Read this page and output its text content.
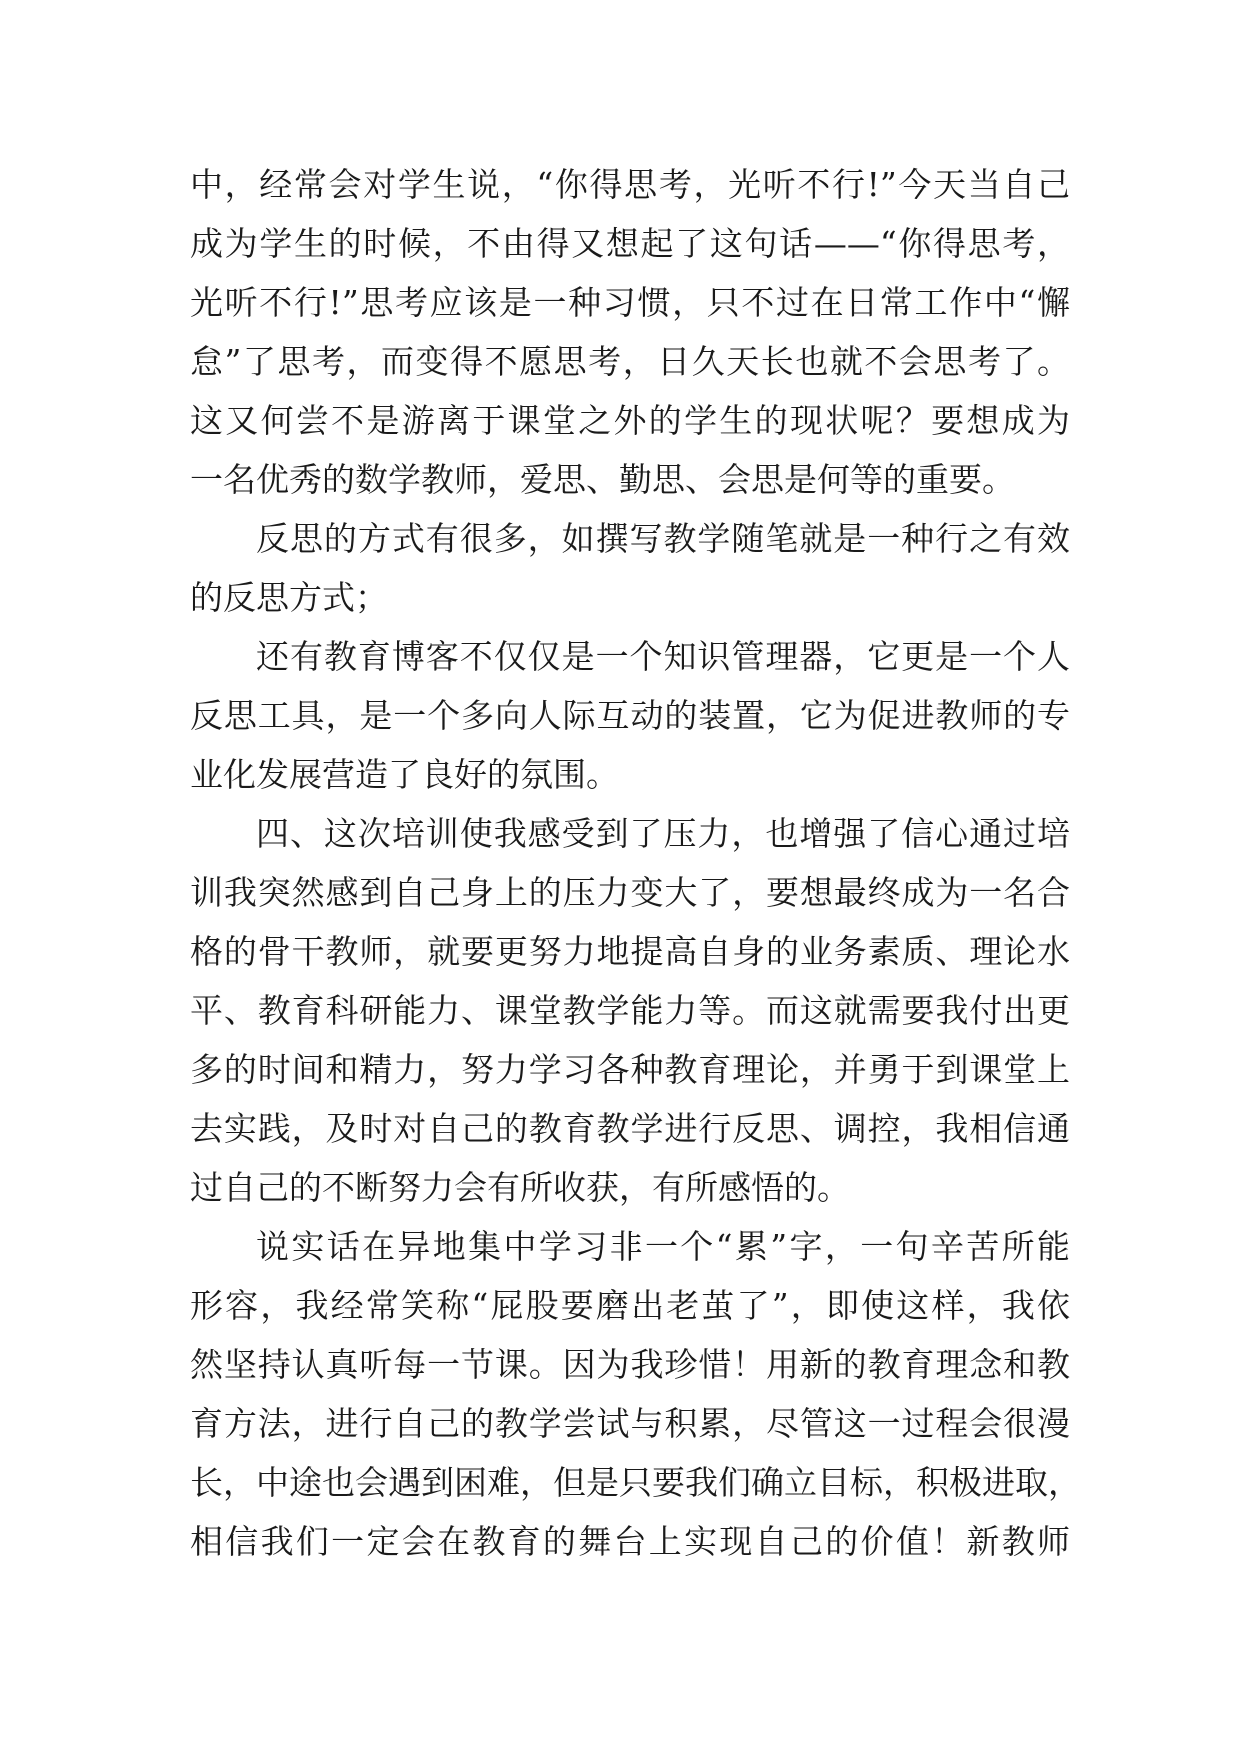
中，经常会对学生说，“你得思考，光听不行!”今天当自己
成为学生的时候，不由得又想起了这句话——“你得思考，
光听不行!”思考应该是一种习惯，只不过在日常工作中“懈
怠”了思考，而变得不愿思考，日久天长也就不会思考了。
这又何尝不是游离于课堂之外的学生的现状呢？要想成为
一名优秀的数学教师，爱思、勤思、会思是何等的重要。
反思的方式有很多，如撰写教学随笔就是一种行之有效
的反思方式；
还有教育博客不仅仅是一个知识管理器，它更是一个人
反思工具，是一个多向人际互动的装置，它为促进教师的专
业化发展营造了良好的氛围。
四、这次培训使我感受到了压力，也增强了信心通过培
训我突然感到自己身上的压力变大了，要想最终成为一名合
格的骨干教师，就要更努力地提高自身的业务素质、理论水
平、教育科研能力、课堂教学能力等。而这就需要我付出更
多的时间和精力，努力学习各种教育理论，并勇于到课堂上
去实践，及时对自己的教育教学进行反思、调控，我相信通
过自己的不断努力会有所收获，有所感悟的。
说实话在异地集中学习非一个“累”字，一句辛苦所能
形容，我经常笑称“屁股要磨出老茧了”，即使这样，我依
然坚持认真听每一节课。因为我珍惜！用新的教育理念和教
育方法，进行自己的教学尝试与积累，尽管这一过程会很漫
长，中途也会遇到困难，但是只要我们确立目标，积极进取，
相信我们一定会在教育的舞台上实现自己的价值！新教师
